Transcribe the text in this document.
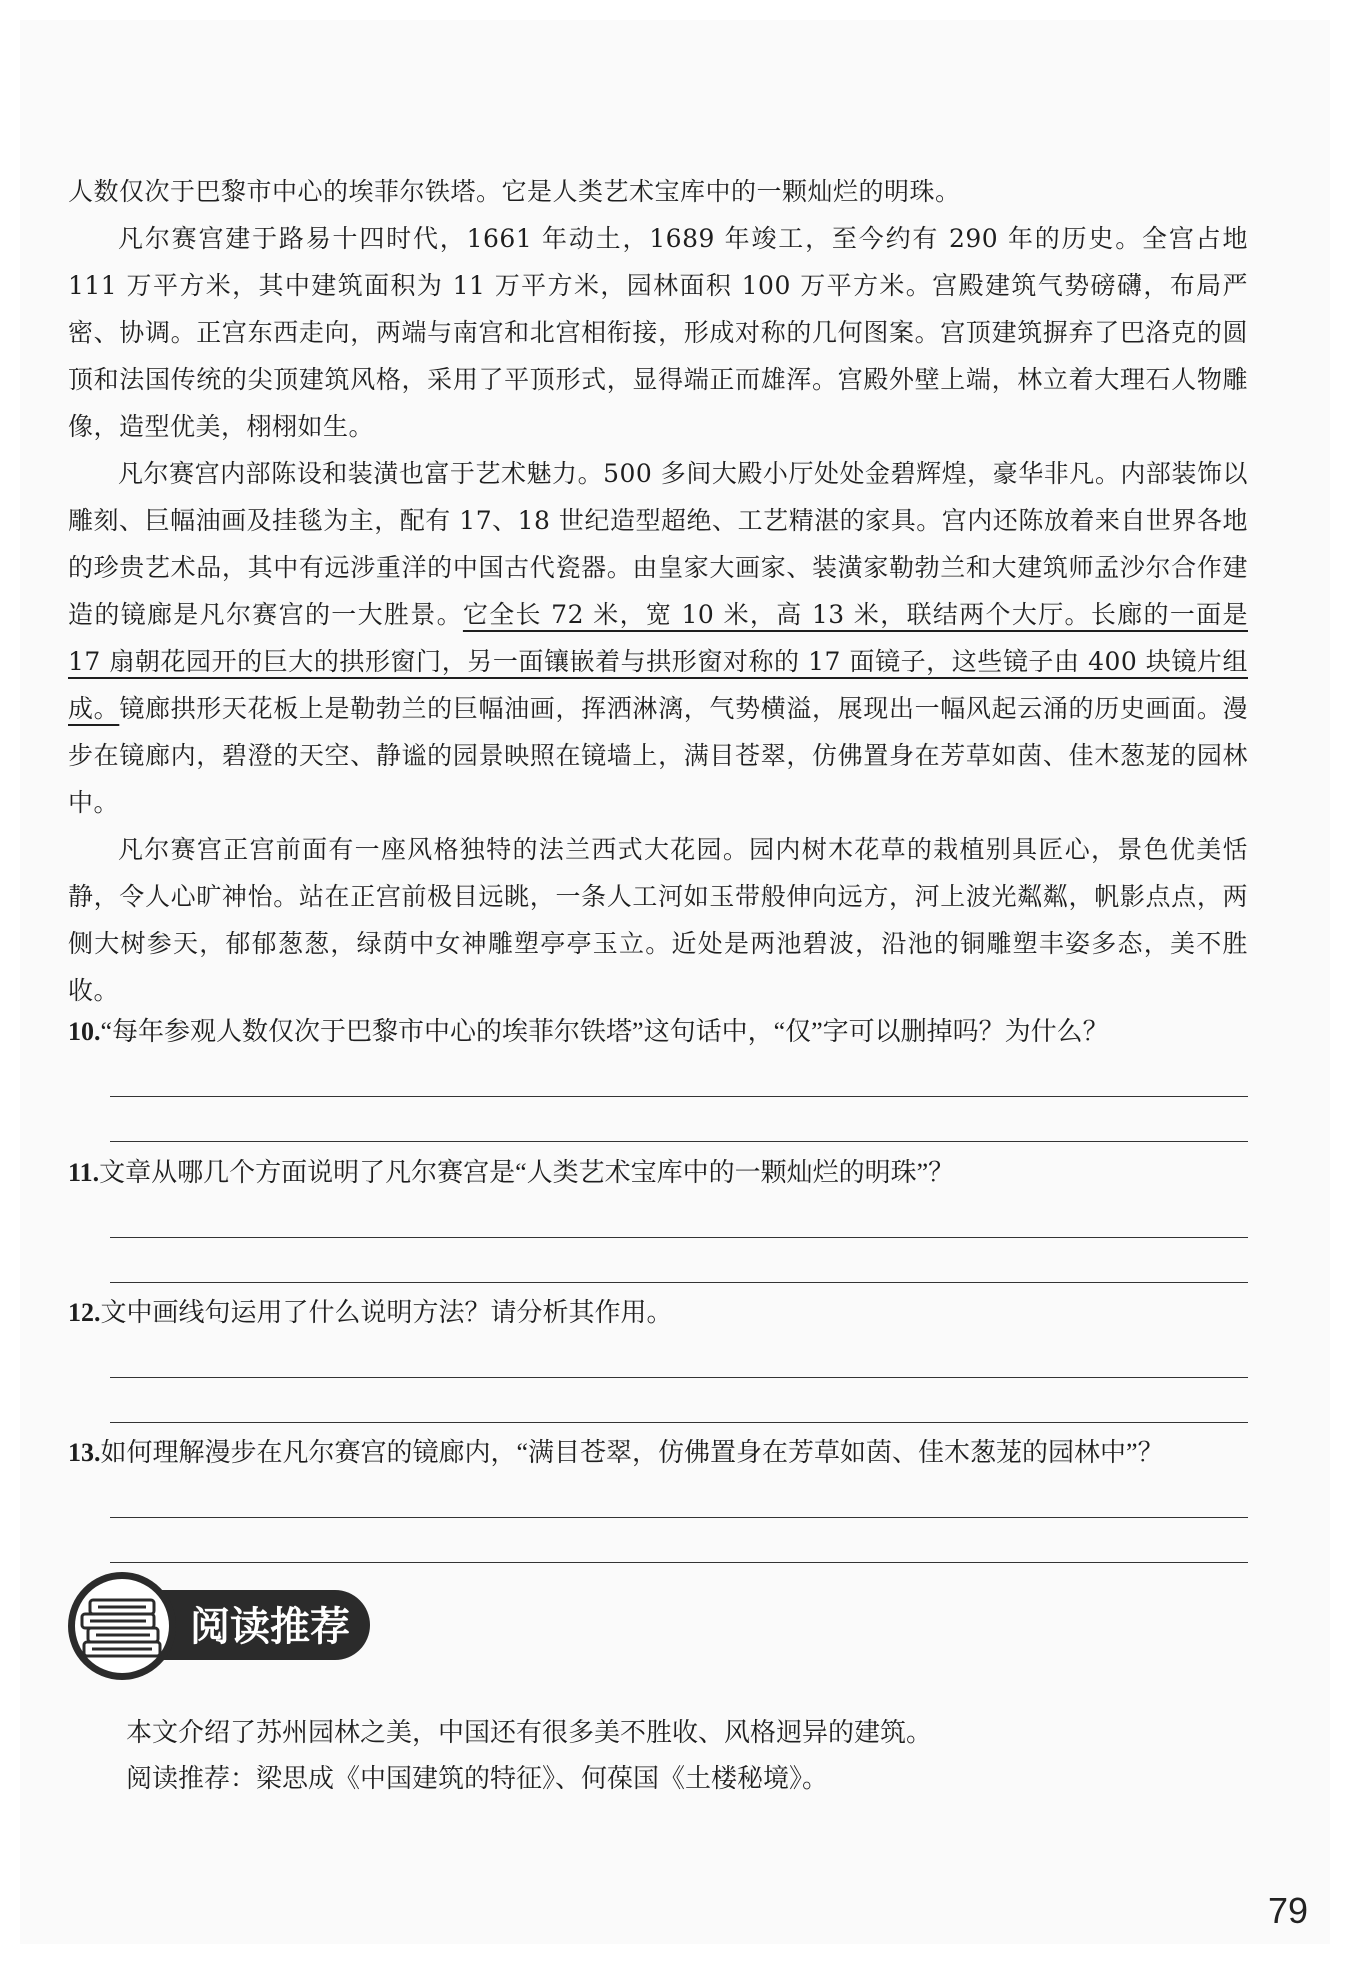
人数仅次于巴黎市中心的埃菲尔铁塔。它是人类艺术宝库中的一颗灿烂的明珠。

凡尔赛宫建于路易十四时代，1661 年动土，1689 年竣工，至今约有 290 年的历史。全宫占地 111 万平方米，其中建筑面积为 11 万平方米，园林面积 100 万平方米。宫殿建筑气势磅礴，布局严密、协调。正宫东西走向，两端与南宫和北宫相衔接，形成对称的几何图案。宫顶建筑摒弃了巴洛克的圆顶和法国传统的尖顶建筑风格，采用了平顶形式，显得端正而雄浑。宫殿外壁上端，林立着大理石人物雕像，造型优美，栩栩如生。

凡尔赛宫内部陈设和装潢也富于艺术魅力。500 多间大殿小厅处处金碧辉煌，豪华非凡。内部装饰以雕刻、巨幅油画及挂毯为主，配有 17、18 世纪造型超绝、工艺精湛的家具。宫内还陈放着来自世界各地的珍贵艺术品，其中有远涉重洋的中国古代瓷器。由皇家大画家、装潢家勒勃兰和大建筑师孟沙尔合作建造的镜廊是凡尔赛宫的一大胜景。它全长 72 米，宽 10 米，高 13 米，联结两个大厅。长廊的一面是 17 扇朝花园开的巨大的拱形窗门，另一面镶嵌着与拱形窗对称的 17 面镜子，这些镜子由 400 块镜片组成。镜廊拱形天花板上是勒勃兰的巨幅油画，挥洒淋漓，气势横溢，展现出一幅风起云涌的历史画面。漫步在镜廊内，碧澄的天空、静谧的园景映照在镜墙上，满目苍翠，仿佛置身在芳草如茵、佳木葱茏的园林中。

凡尔赛宫正宫前面有一座风格独特的法兰西式大花园。园内树木花草的栽植别具匠心，景色优美恬静，令人心旷神怡。站在正宫前极目远眺，一条人工河如玉带般伸向远方，河上波光粼粼，帆影点点，两侧大树参天，郁郁葱葱，绿荫中女神雕塑亭亭玉立。近处是两池碧波，沿池的铜雕塑丰姿多态，美不胜收。

10.“每年参观人数仅次于巴黎市中心的埃菲尔铁塔”这句话中，“仅”字可以删掉吗？为什么？

11.文章从哪几个方面说明了凡尔赛宫是“人类艺术宝库中的一颗灿烂的明珠”？

12.文中画线句运用了什么说明方法？请分析其作用。

13.如何理解漫步在凡尔赛宫的镜廊内，“满目苍翠，仿佛置身在芳草如茵、佳木葱茏的园林中”？

阅读推荐
本文介绍了苏州园林之美，中国还有很多美不胜收、风格迥异的建筑。
阅读推荐：梁思成《中国建筑的特征》、何葆国《土楼秘境》。
79
